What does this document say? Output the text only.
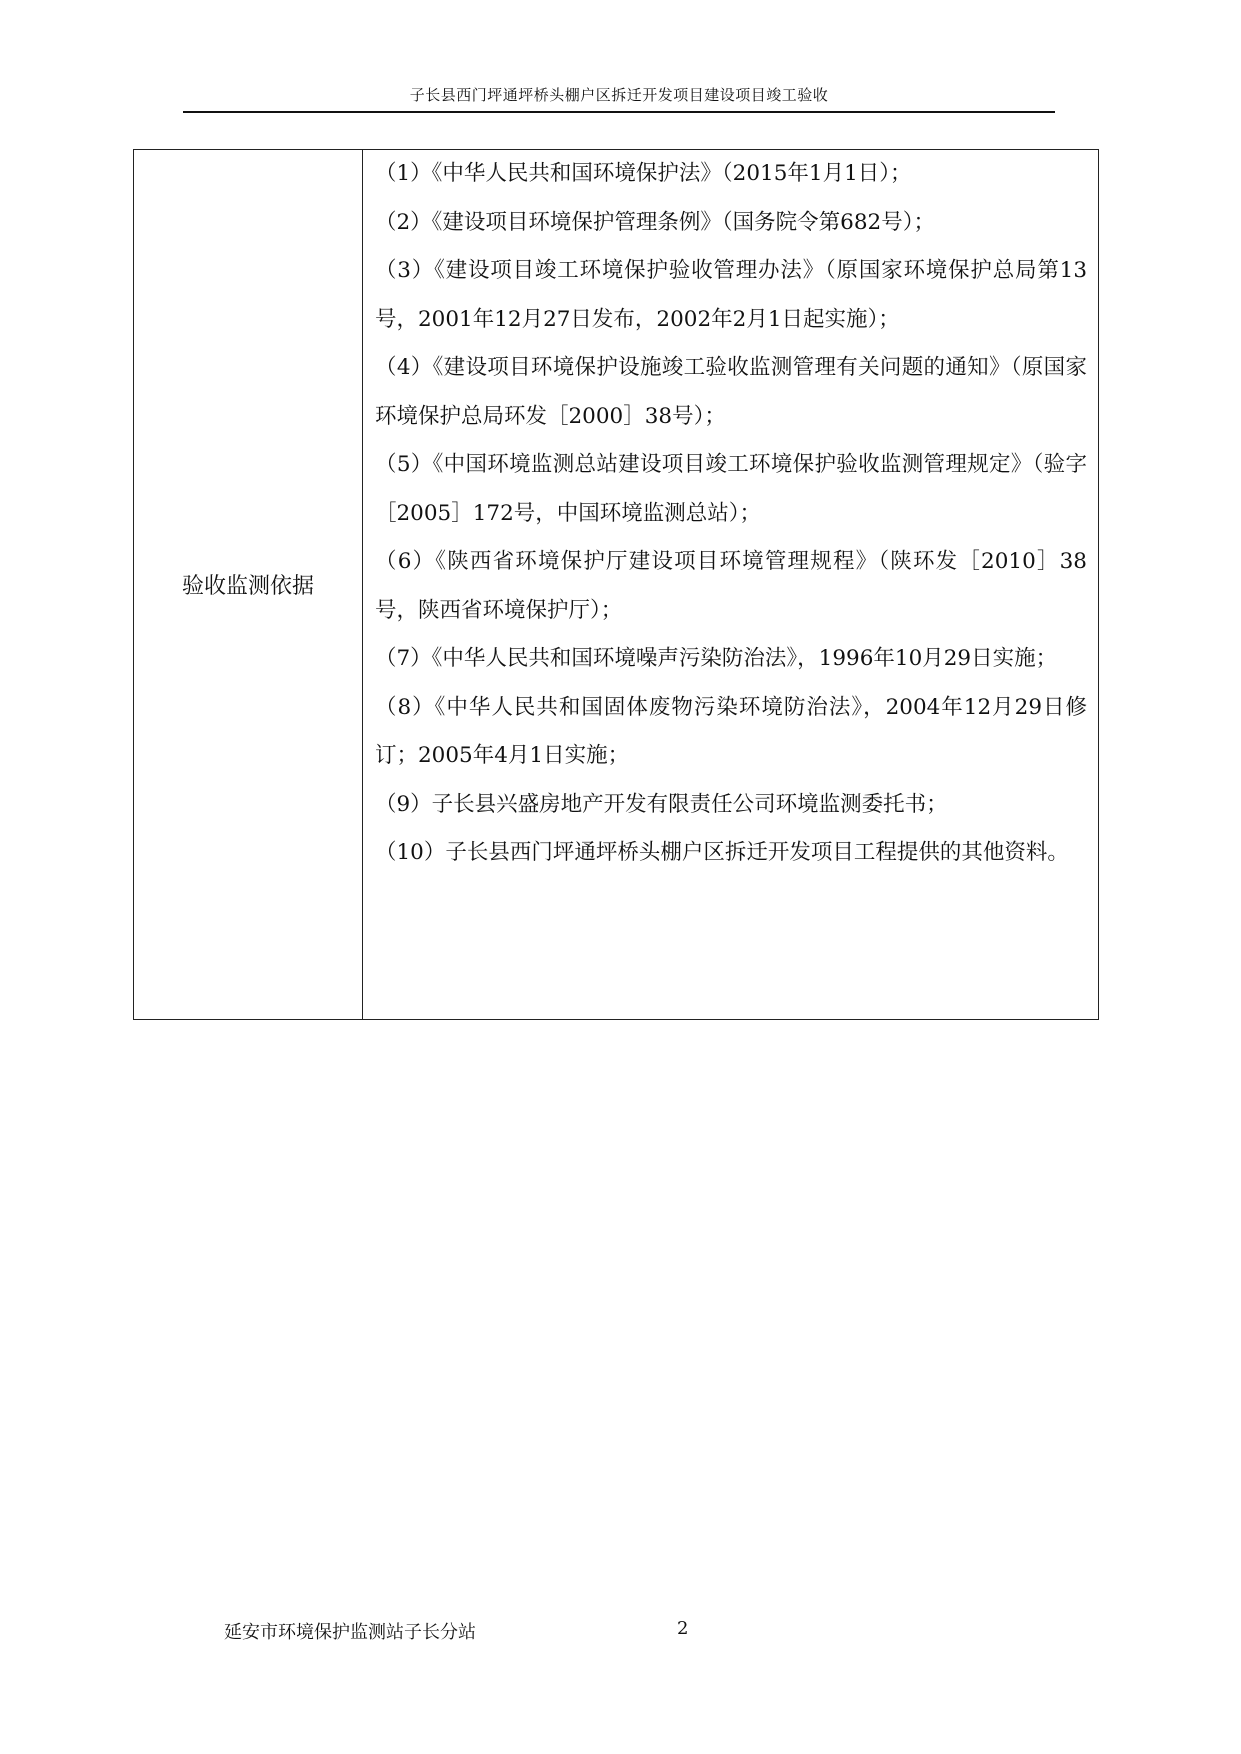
子长县西门坪通坪桥头棚户区拆迁开发项目建设项目竣工验收
验收监测依据	

（1）《中华人民共和国环境保护法》（2015年1月1日）；

（2）《建设项目环境保护管理条例》（国务院令第682号）；

（3）《建设项目竣工环境保护验收管理办法》（原国家环境保护总局第13号，2001年12月27日发布，2002年2月1日起实施）；

（4）《建设项目环境保护设施竣工验收监测管理有关问题的通知》（原国家环境保护总局环发［2000］38号）；

（5）《中国环境监测总站建设项目竣工环境保护验收监测管理规定》（验字［2005］172号，中国环境监测总站）；

（6）《陕西省环境保护厅建设项目环境管理规程》（陕环发［2010］38号，陕西省环境保护厅）；

（7）《中华人民共和国环境噪声污染防治法》，1996年10月29日实施；

（8）《中华人民共和国固体废物污染环境防治法》，2004年12月29日修订；2005年4月1日实施；

（9）子长县兴盛房地产开发有限责任公司环境监测委托书；

（10）子长县西门坪通坪桥头棚户区拆迁开发项目工程提供的其他资料。

延安市环境保护监测站子长分站	2
